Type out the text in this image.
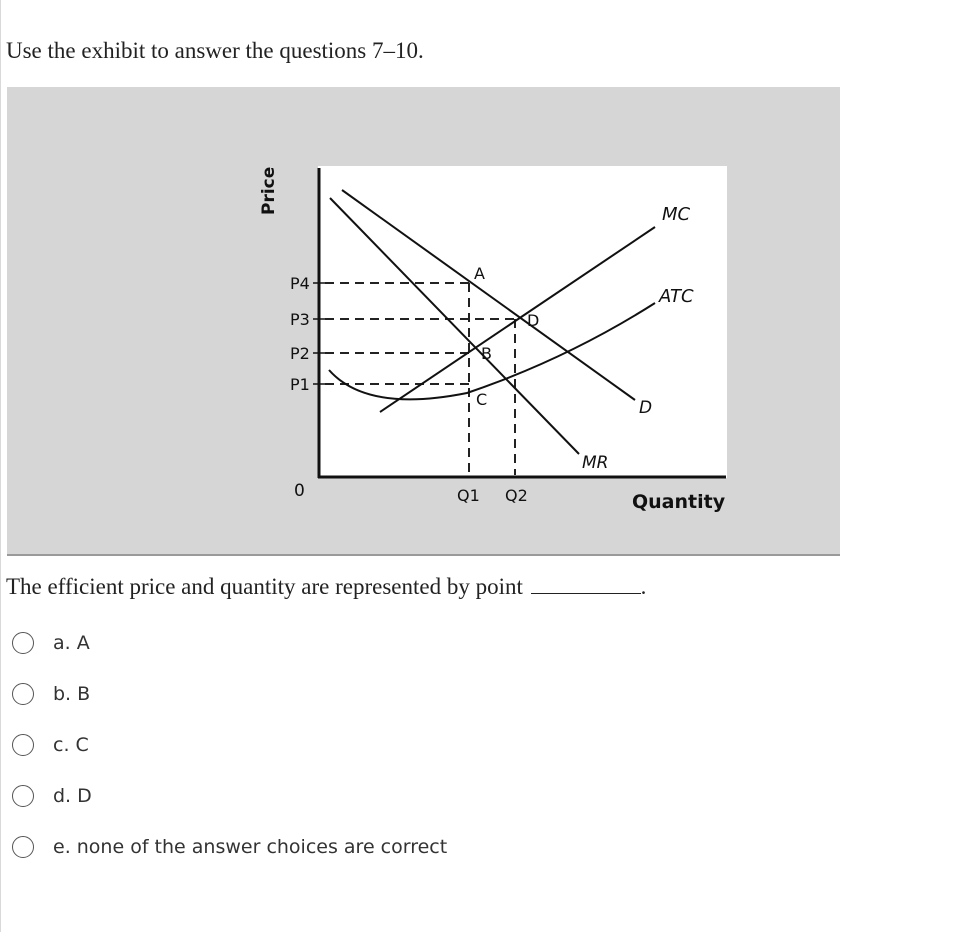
Use the exhibit to answer the questions 7–10.
Price
Quantity
0
P4
P3
P2
P1
Q1 Q2
MC
ATC
D
MR
A
D
B
C

The efficient price and quantity are represented by point	.

a. A
b. B
c. C
d. D
e. none of the answer choices are correct
